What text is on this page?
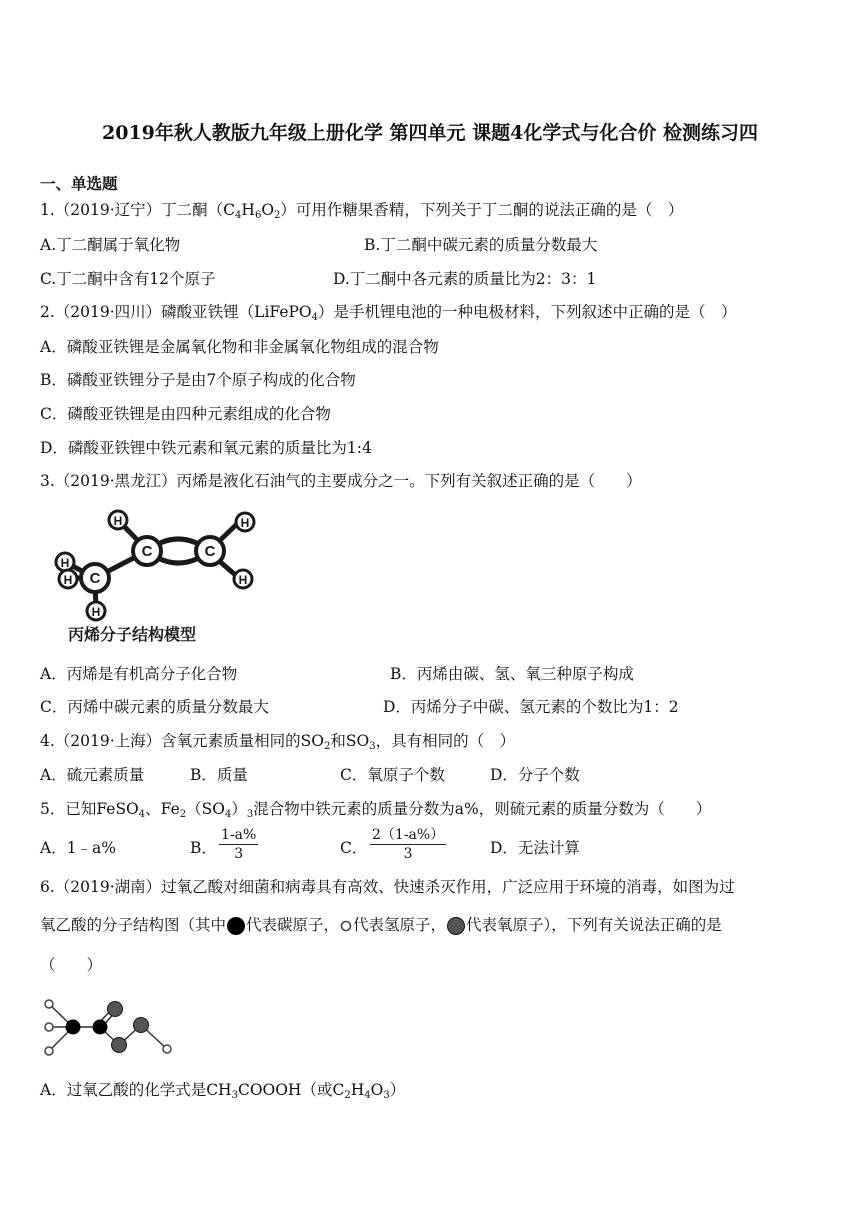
2019年秋人教版九年级上册化学 第四单元 课题4化学式与化合价 检测练习四
一、单选题
1.（2019·辽宁）丁二酮$(C_4H_6O_2)$可用作糖果香精，下列关于丁二酮的说法正确的是（　）
A.丁二酮属于氧化物	B.丁二酮中碳元素的质量分数最大
C.丁二酮中含有12个原子	D.丁二酮中各元素的质量比为2：3：1
2.（2019·四川）磷酸亚铁锂（LiFePO$_4$）是手机锂电池的一种电极材料，下列叙述中正确的是（　）
A．磷酸亚铁锂是金属氧化物和非金属氧化物组成的混合物
B．磷酸亚铁锂分子是由7个原子构成的化合物
C．磷酸亚铁锂是由四种元素组成的化合物
D．磷酸亚铁锂中铁元素和氧元素的质量比为1:4
3.（2019·黑龙江）丙烯是液化石油气的主要成分之一。下列有关叙述正确的是（　　）
C	C
C
H	H
H
H
H
H
丙烯分子结构模型
A．丙烯是有机高分子化合物	B．丙烯由碳、氢、氧三种原子构成
C．丙烯中碳元素的质量分数最大	D．丙烯分子中碳、氢元素的个数比为1：2
4.（2019·上海）含氧元素质量相同的$SO_2$和$SO_3$，具有相同的（　）
A．硫元素质量	B．质量	C．氧原子个数	D．分子个数
5．已知FeSO$_4$、$Fe_2(SO_4)_3$混合物中铁元素的质量分数为a%，则硫元素的质量分数为（　　）
A．1﹣a%	B． $\frac{1-a\%}{3}$	C． $\frac{2(1-a\%)}{3}$	D．无法计算
6.（2019·湖南）过氧乙酸对细菌和病毒具有高效、快速杀灭作用，广泛应用于环境的消毒，如图为过
氧乙酸的分子结构图（其中 代表碳原子， 代表氢原子， 代表氧原子），下列有关说法正确的是
（　　）
A．过氧乙酸的化学式是$CH_3COOOH$（或$C_2H_4O_3$）
